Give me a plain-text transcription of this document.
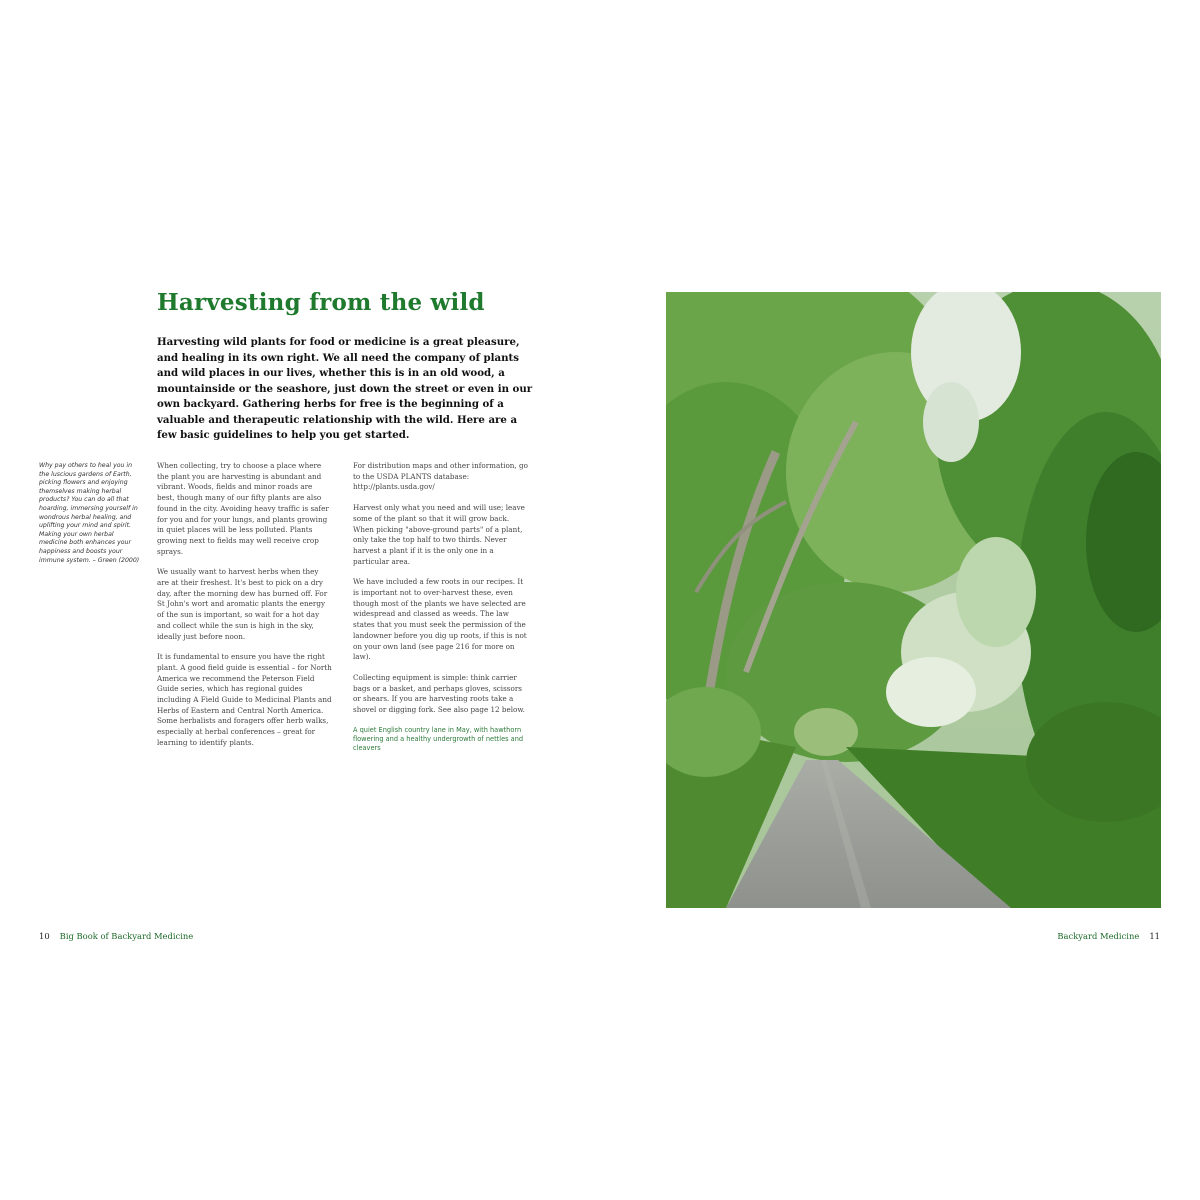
Harvesting from the wild

Harvesting wild plants for food or medicine is a great pleasure, and healing in its own right. We all need the company of plants and wild places in our lives, whether this is in an old wood, a mountainside or the seashore, just down the street or even in our own backyard. Gathering herbs for free is the beginning of a valuable and therapeutic relationship with the wild. Here are a few basic guidelines to help you get started.

Why pay others to heal you in the luscious gardens of Earth, picking flowers and enjoying themselves making herbal products? You can do all that hoarding, immersing yourself in wondrous herbal healing, and uplifting your mind and spirit. Making your own herbal medicine both enhances your happiness and boosts your immune system. – Green (2000)

When collecting, try to choose a place where the plant you are harvesting is abundant and vibrant. Woods, fields and minor roads are best, though many of our fifty plants are also found in the city. Avoiding heavy traffic is safer for you and for your lungs, and plants growing in quiet places will be less polluted. Plants growing next to fields may well receive crop sprays.

We usually want to harvest herbs when they are at their freshest. It's best to pick on a dry day, after the morning dew has burned off. For St John's wort and aromatic plants the energy of the sun is important, so wait for a hot day and collect while the sun is high in the sky, ideally just before noon.

It is fundamental to ensure you have the right plant. A good field guide is essential – for North America we recommend the Peterson Field Guide series, which has regional guides including A Field Guide to Medicinal Plants and Herbs of Eastern and Central North America. Some herbalists and foragers offer herb walks, especially at herbal conferences – great for learning to identify plants.

For distribution maps and other information, go to the USDA PLANTS database: http://plants.usda.gov/

Harvest only what you need and will use; leave some of the plant so that it will grow back. When picking "above-ground parts" of a plant, only take the top half to two thirds. Never harvest a plant if it is the only one in a particular area.

We have included a few roots in our recipes. It is important not to over-harvest these, even though most of the plants we have selected are widespread and classed as weeds. The law states that you must seek the permission of the landowner before you dig up roots, if this is not on your own land (see page 216 for more on law).

Collecting equipment is simple: think carrier bags or a basket, and perhaps gloves, scissors or shears. If you are harvesting roots take a shovel or digging fork. See also page 12 below.

A quiet English country lane in May, with hawthorn flowering and a healthy undergrowth of nettles and cleavers
10 Big Book of Backyard Medicine	Backyard Medicine 11
